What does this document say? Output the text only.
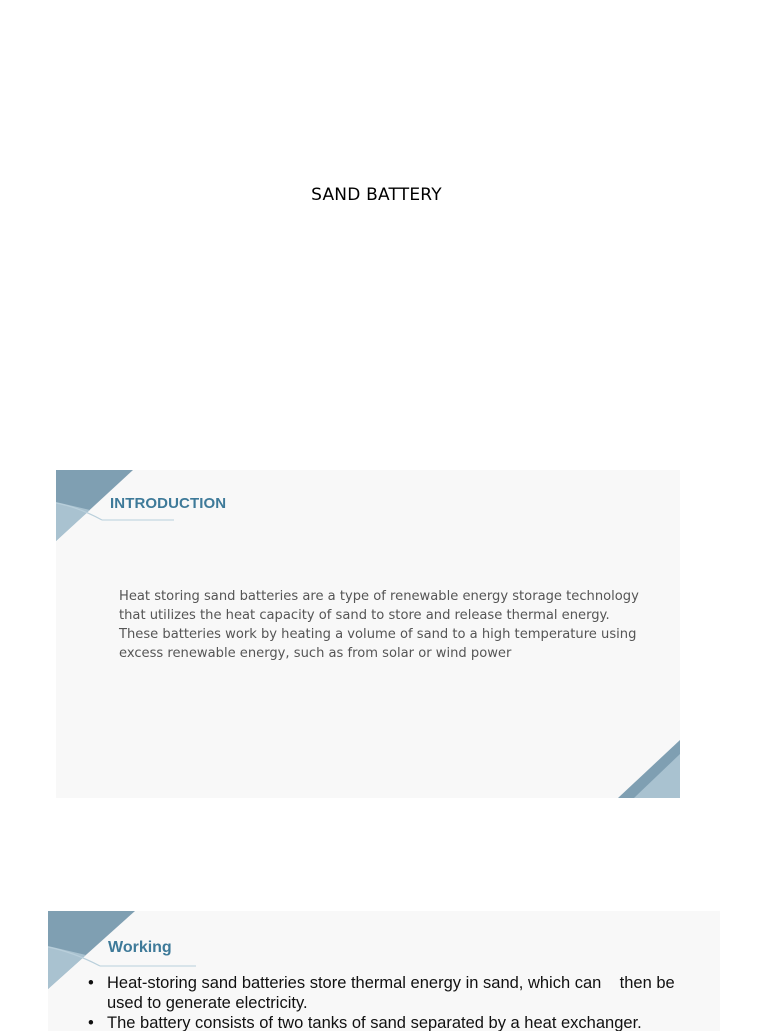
SAND BATTERY
INTRODUCTION

Heat storing sand batteries are a type of renewable energy storage technology that utilizes the heat capacity of sand to store and release thermal energy. These batteries work by heating a volume of sand to a high temperature using excess renewable energy, such as from solar or wind power

Working
• Heat-storing sand batteries store thermal energy in sand, which can    then be used to generate electricity.
• The battery consists of two tanks of sand separated by a heat exchanger.
